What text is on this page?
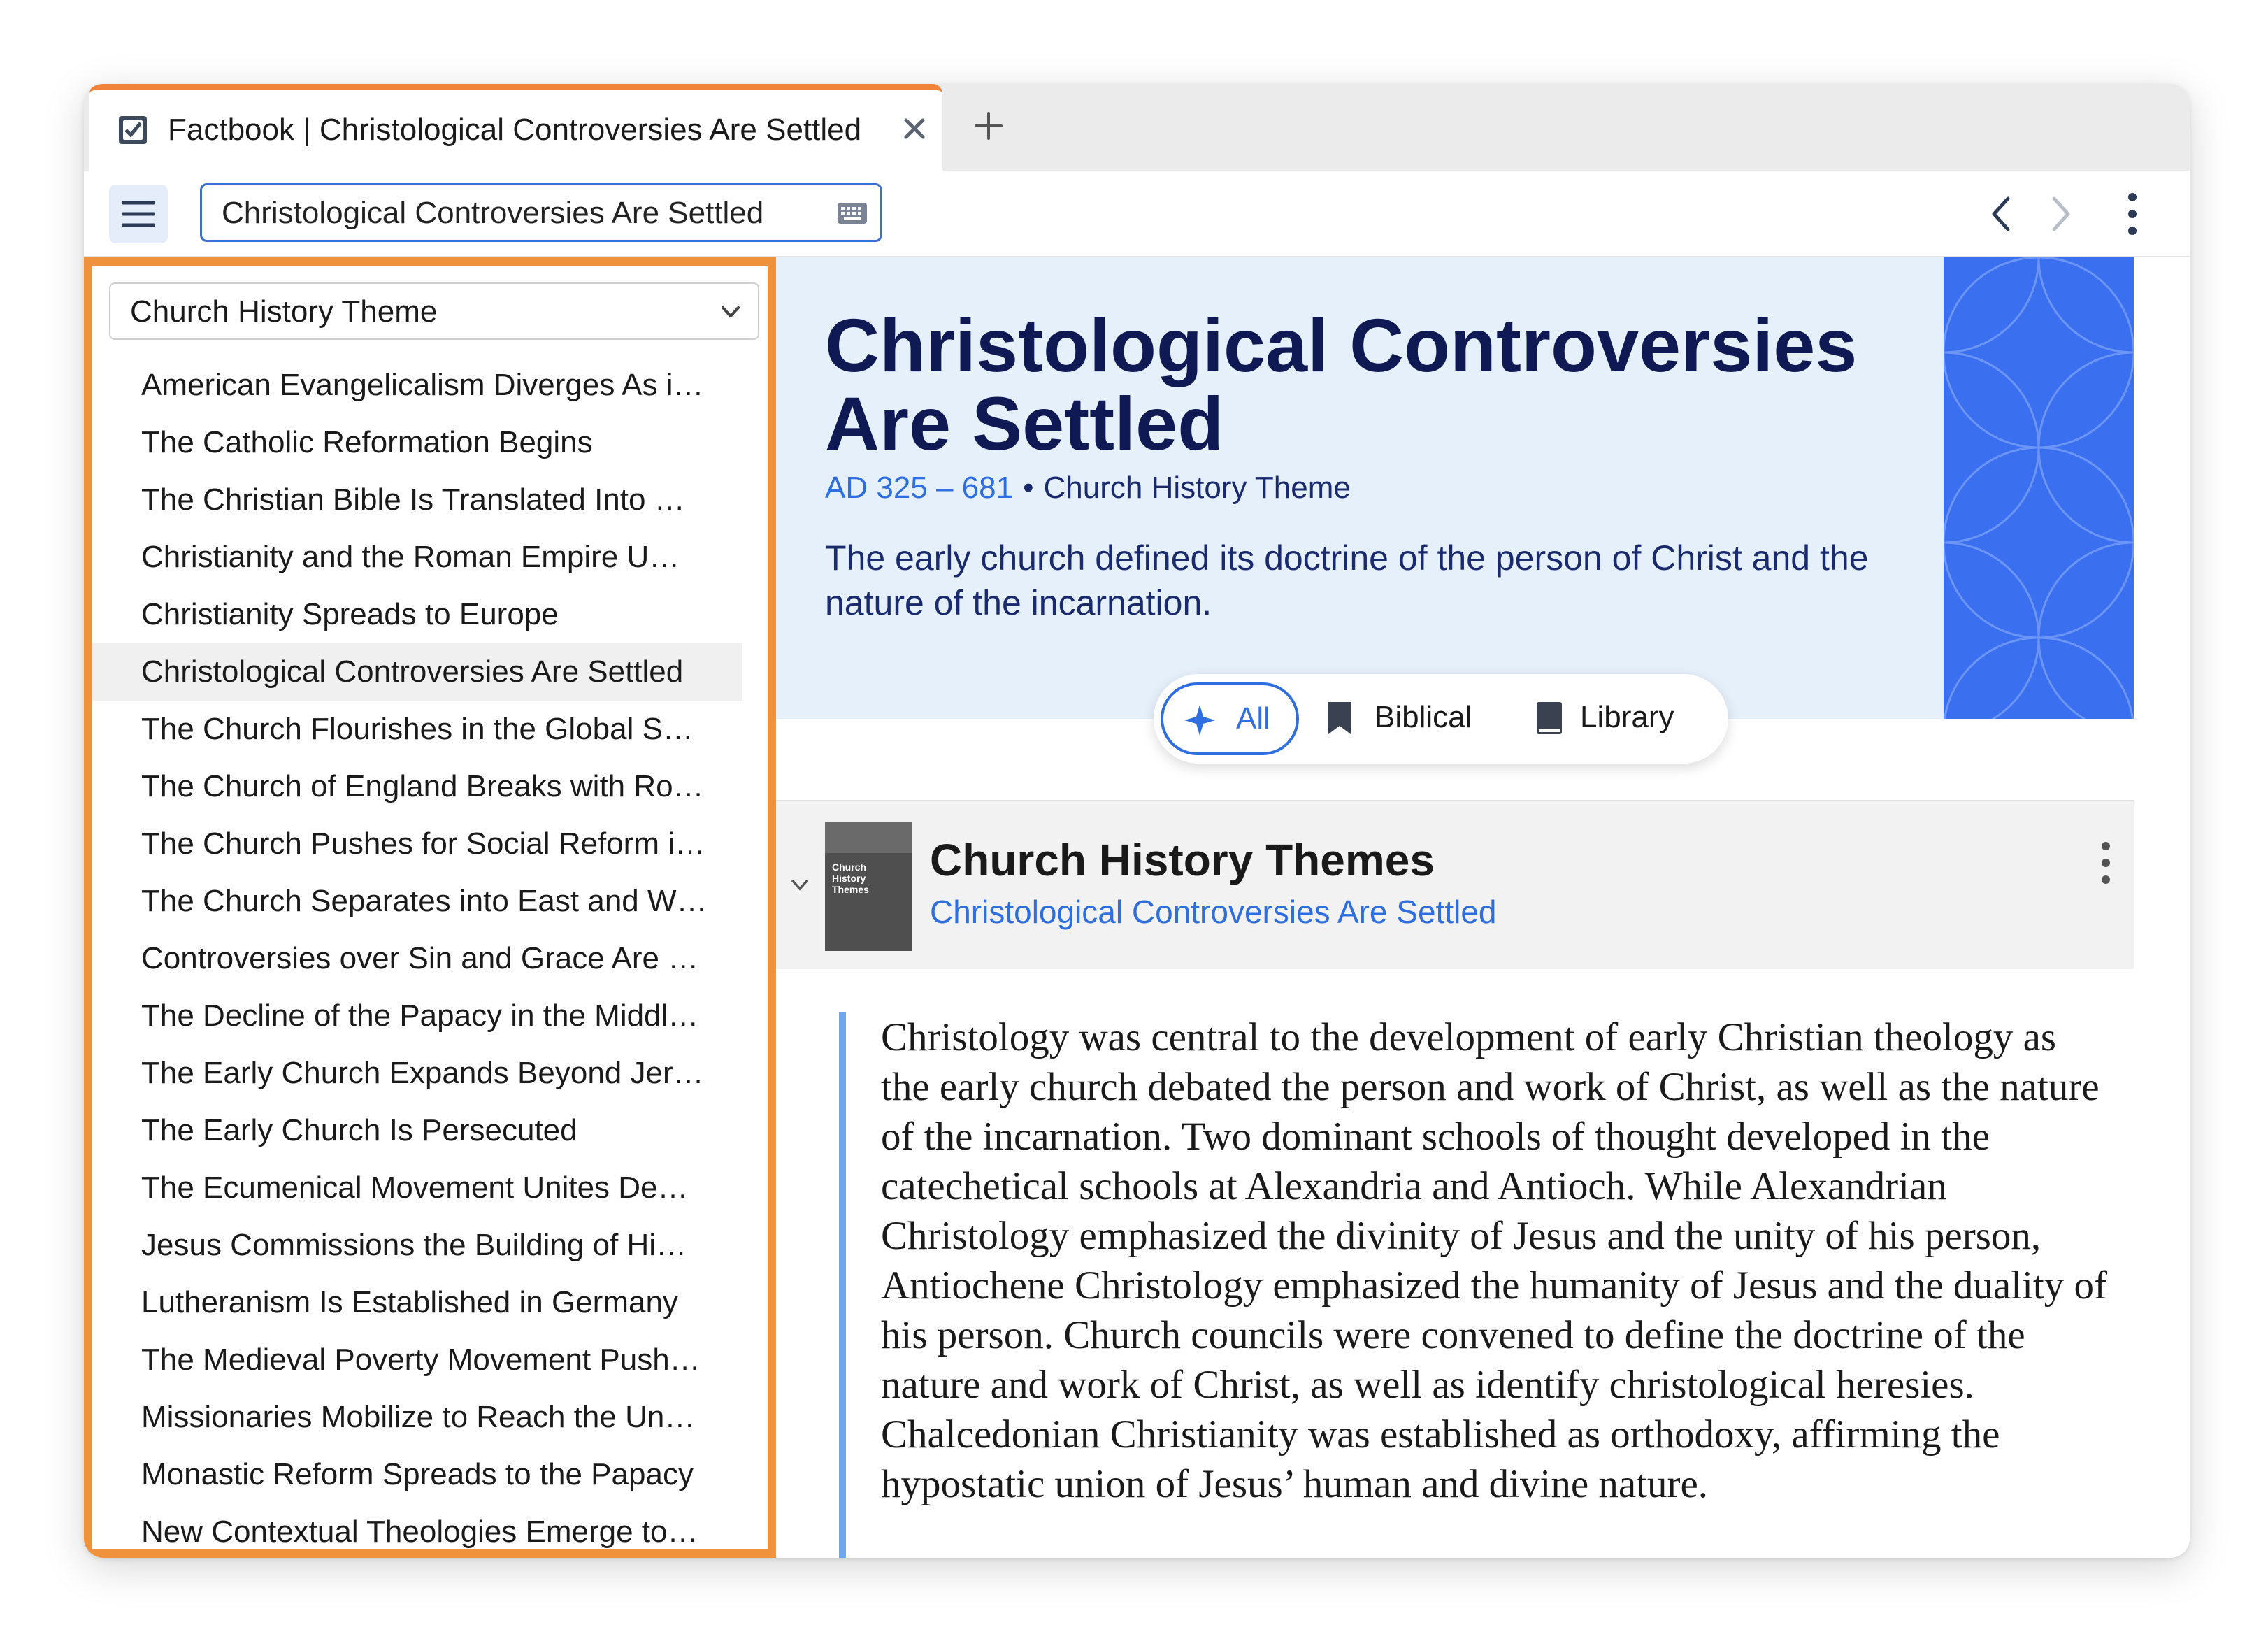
Factbook | Christological Controversies Are Settled
Christological Controversies Are Settled
Church History Theme
American Evangelicalism Diverges As i…
The Catholic Reformation Begins
The Christian Bible Is Translated Into …
Christianity and the Roman Empire U…
Christianity Spreads to Europe
Christological Controversies Are Settled
The Church Flourishes in the Global S…
The Church of England Breaks with Ro…
The Church Pushes for Social Reform i…
The Church Separates into East and W…
Controversies over Sin and Grace Are …
The Decline of the Papacy in the Middl…
The Early Church Expands Beyond Jer…
The Early Church Is Persecuted
The Ecumenical Movement Unites De…
Jesus Commissions the Building of Hi…
Lutheranism Is Established in Germany
The Medieval Poverty Movement Push…
Missionaries Mobilize to Reach the Un…
Monastic Reform Spreads to the Papacy
New Contextual Theologies Emerge to…
Christological Controversies Are Settled
AD 325 – 681 • Church History Theme
The early church defined its doctrine of the person of Christ and the nature of the incarnation.
All	Biblical	Library
Church History Themes
Church History Themes
Christological Controversies Are Settled
Christology was central to the development of early Christian theology as the early church debated the person and work of Christ, as well as the nature of the incarnation. Two dominant schools of thought developed in the catechetical schools at Alexandria and Antioch. While Alexandrian Christology emphasized the divinity of Jesus and the unity of his person, Antiochene Christology emphasized the humanity of Jesus and the duality of his person. Church councils were convened to define the doctrine of the nature and work of Christ, as well as identify christological heresies. Chalcedonian Christianity was established as orthodoxy, affirming the hypostatic union of Jesus’ human and divine nature.
